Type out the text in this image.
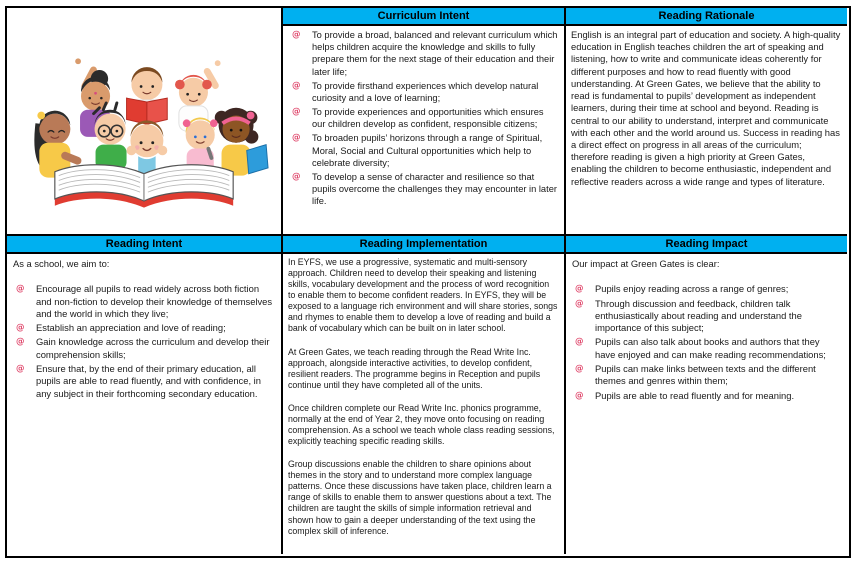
Curriculum Intent
@	To provide a broad, balanced and relevant curriculum which helps children acquire the knowledge and skills to fully prepare them for the next stage of their education and their later life;
@	To provide firsthand experiences which develop natural curiosity and a love of learning;
@	To provide experiences and opportunities which ensures our children develop as confident, responsible citizens;
@	To broaden pupils’ horizons through a range of Spiritual, Moral, Social and Cultural opportunities which help to celebrate diversity;
@	To develop a sense of character and resilience so that pupils overcome the challenges they may encounter in later life.
Reading Rationale
English is an integral part of education and society. A high-quality education in English teaches children the art of speaking and listening, how to write and communicate ideas coherently for different purposes and how to read fluently with good understanding. At Green Gates, we believe that the ability to read is fundamental to pupils’ development as independent learners, during their time at school and beyond. Reading is central to our ability to understand, interpret and communicate with each other and the world around us. Success in reading has a direct effect on progress in all areas of the curriculum; therefore reading is given a high priority at Green Gates, enabling the children to become enthusiastic, independent and reflective readers across a wide range and types of literature.
Reading Intent
As a school, we aim to:
@	Encourage all pupils to read widely across both fiction and non-fiction to develop their knowledge of themselves and the world in which they live;
@	Establish an appreciation and love of reading;
@	Gain knowledge across the curriculum and develop their comprehension skills;
@	Ensure that, by the end of their primary education, all pupils are able to read fluently, and with confidence, in any subject in their forthcoming secondary education.
Reading Implementation

In EYFS, we use a progressive, systematic and multi-sensory approach. Children need to develop their speaking and listening skills, vocabulary development and the process of word recognition to enable them to become confident readers. In EYFS, they will be exposed to a language rich environment and will share stories, songs and rhymes to enable them to develop a love of reading and build a bank of vocabulary which can be built on in later school.

At Green Gates, we teach reading through the Read Write Inc. approach, alongside interactive activities, to develop confident, resilient readers. The programme begins in Reception and pupils continue until they have completed all of the units.

Once children complete our Read Write Inc. phonics programme, normally at the end of Year 2, they move onto focusing on reading comprehension. As a school we teach whole class reading sessions, explicitly teaching specific reading skills.

Group discussions enable the children to share opinions about themes in the story and to understand more complex language patterns. Once these discussions have taken place, children learn a range of skills to enable them to answer questions about a text. The children are taught the skills of simple information retrieval and shown how to gain a deeper understanding of the text using the complex skill of inference.

Reading Impact
Our impact at Green Gates is clear:
@	Pupils enjoy reading across a range of genres;
@	Through discussion and feedback, children talk enthusiastically about reading and understand the importance of this subject;
@	Pupils can also talk about books and authors that they have enjoyed and can make reading recommendations;
@	Pupils can make links between texts and the different themes and genres within them;
@	Pupils are able to read fluently and for meaning.
